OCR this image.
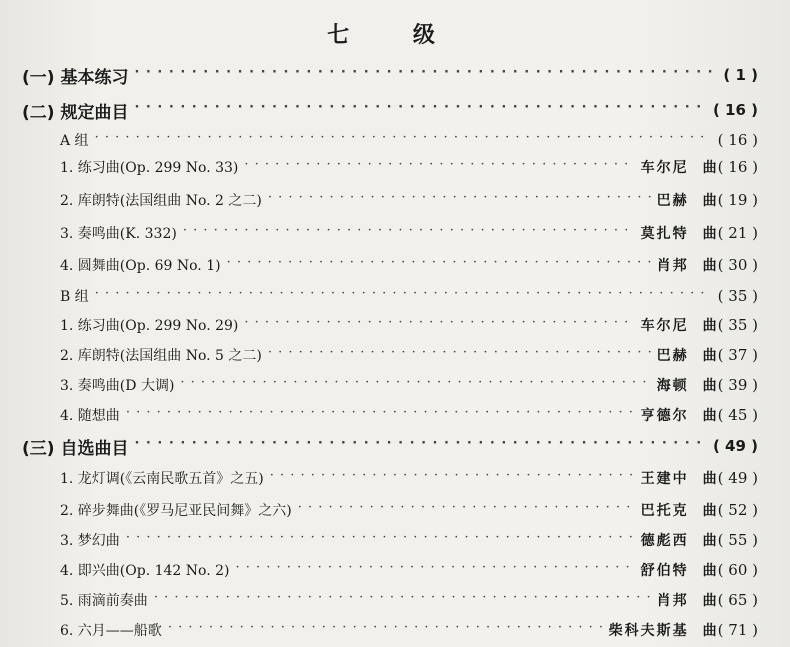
七 级
(一) 基本练习 · · ·	( 1 )
(二) 规定曲目 · · ·	( 16 )
A 组 · · ·	( 16 )
1. 练习曲(Op. 299 No. 33) · · ·	车尔尼 曲 ( 16 )
2. 库朗特(法国组曲 No. 2 之二) · · ·	巴赫 曲 ( 19 )
3. 奏鸣曲(K. 332) · · ·	莫扎特 曲 ( 21 )
4. 圆舞曲(Op. 69 No. 1) · · ·	肖邦 曲 ( 30 )
B 组 · · ·	( 35 )
1. 练习曲(Op. 299 No. 29) · · ·	车尔尼 曲 ( 35 )
2. 库朗特(法国组曲 No. 5 之二) · · ·	巴赫 曲 ( 37 )
3. 奏鸣曲(D 大调) · · ·	海顿 曲 ( 39 )
4. 随想曲 · · ·	亨德尔 曲 ( 45 )
(三) 自选曲目 · · ·	( 49 )
1. 龙灯调(《云南民歌五首》之五) · · ·	王建中 曲 ( 49 )
2. 碎步舞曲(《罗马尼亚民间舞》之六) · · ·	巴托克 曲 ( 52 )
3. 梦幻曲 · · ·	德彪西 曲 ( 55 )
4. 即兴曲(Op. 142 No. 2) · · ·	舒伯特 曲 ( 60 )
5. 雨滴前奏曲 · · ·	肖邦 曲 ( 65 )
6. 六月——船歌 · · ·	柴科夫斯基 曲 ( 71 )
